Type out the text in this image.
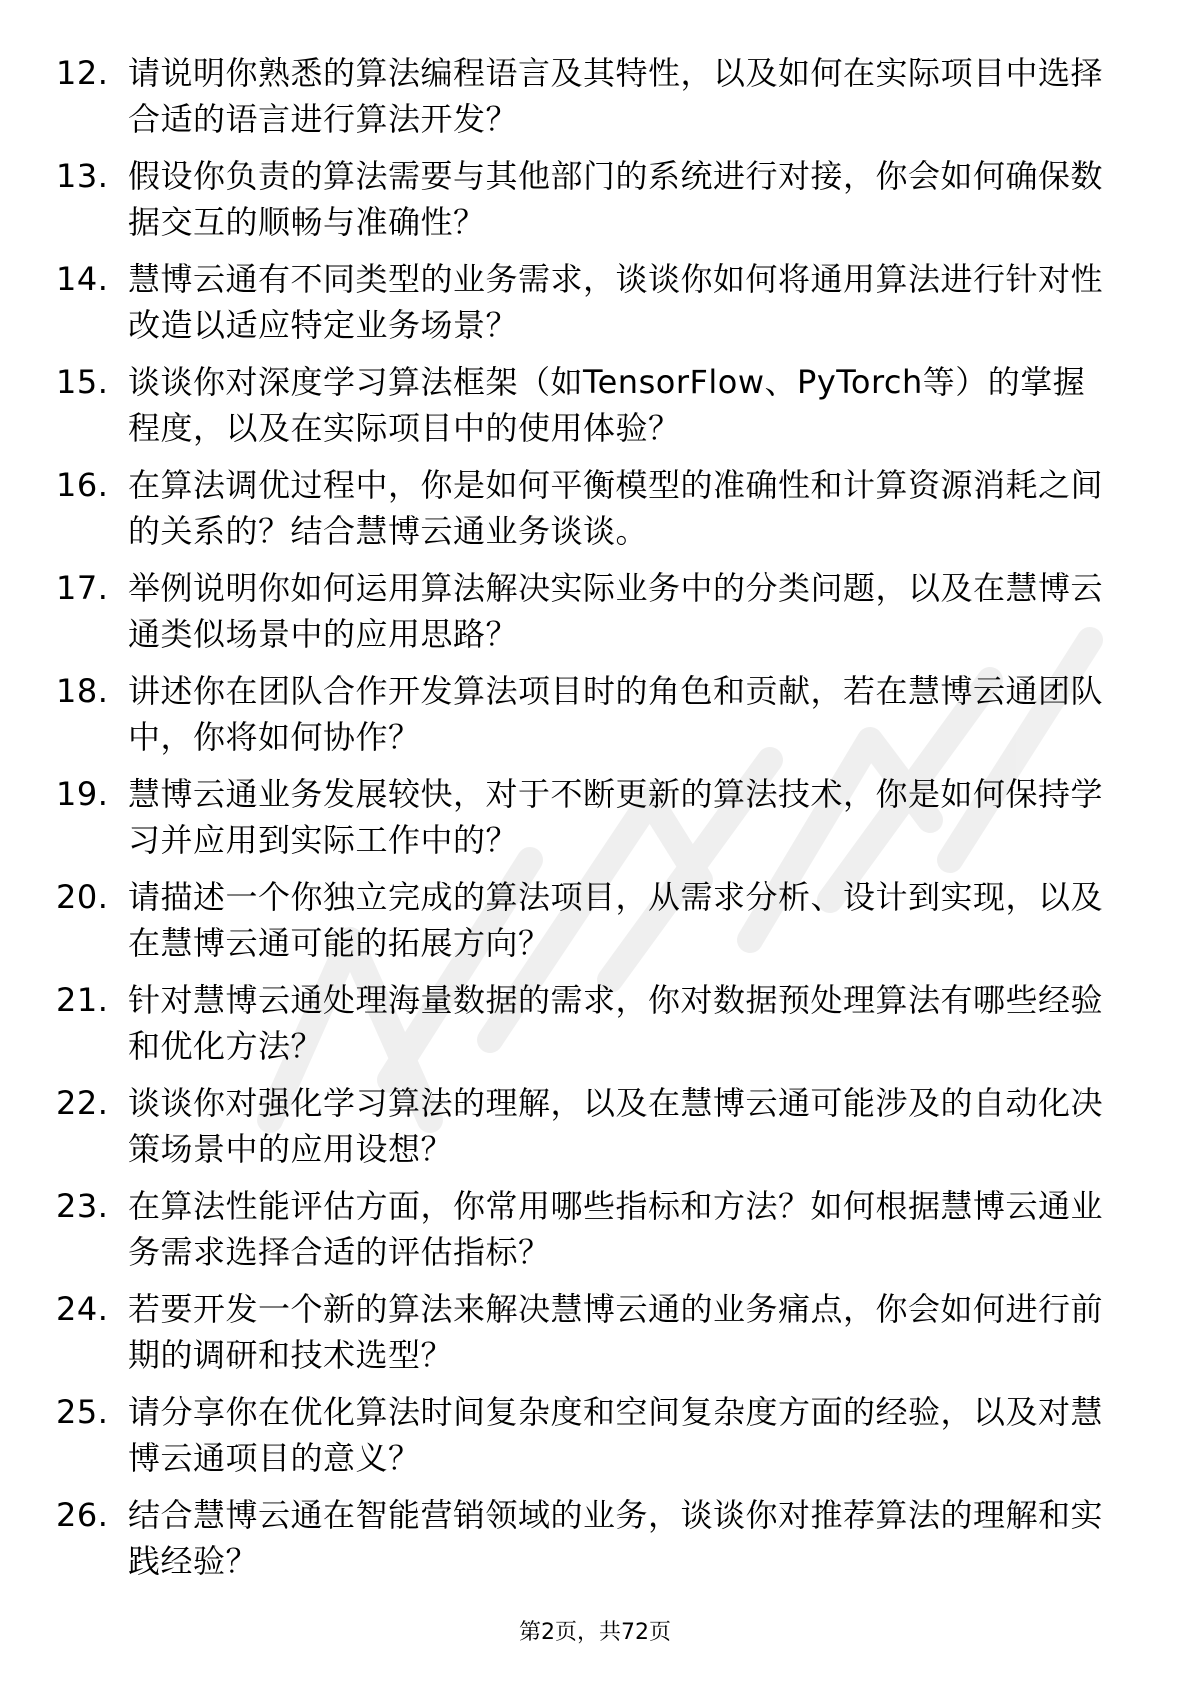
12. 请说明你熟悉的算法编程语言及其特性，以及如何在实际项目中选择合适的语言进行算法开发？
13. 假设你负责的算法需要与其他部门的系统进行对接，你会如何确保数据交互的顺畅与准确性？
14. 慧博云通有不同类型的业务需求，谈谈你如何将通用算法进行针对性改造以适应特定业务场景？
15. 谈谈你对深度学习算法框架（如TensorFlow、PyTorch等）的掌握程度，以及在实际项目中的使用体验？
16. 在算法调优过程中，你是如何平衡模型的准确性和计算资源消耗之间的关系的？结合慧博云通业务谈谈。
17. 举例说明你如何运用算法解决实际业务中的分类问题，以及在慧博云通类似场景中的应用思路？
18. 讲述你在团队合作开发算法项目时的角色和贡献，若在慧博云通团队中，你将如何协作？
19. 慧博云通业务发展较快，对于不断更新的算法技术，你是如何保持学习并应用到实际工作中的？
20. 请描述一个你独立完成的算法项目，从需求分析、设计到实现，以及在慧博云通可能的拓展方向？
21. 针对慧博云通处理海量数据的需求，你对数据预处理算法有哪些经验和优化方法？
22. 谈谈你对强化学习算法的理解，以及在慧博云通可能涉及的自动化决策场景中的应用设想？
23. 在算法性能评估方面，你常用哪些指标和方法？如何根据慧博云通业务需求选择合适的评估指标？
24. 若要开发一个新的算法来解决慧博云通的业务痛点，你会如何进行前期的调研和技术选型？
25. 请分享你在优化算法时间复杂度和空间复杂度方面的经验，以及对慧博云通项目的意义？
26. 结合慧博云通在智能营销领域的业务，谈谈你对推荐算法的理解和实践经验？
第2页，共72页
